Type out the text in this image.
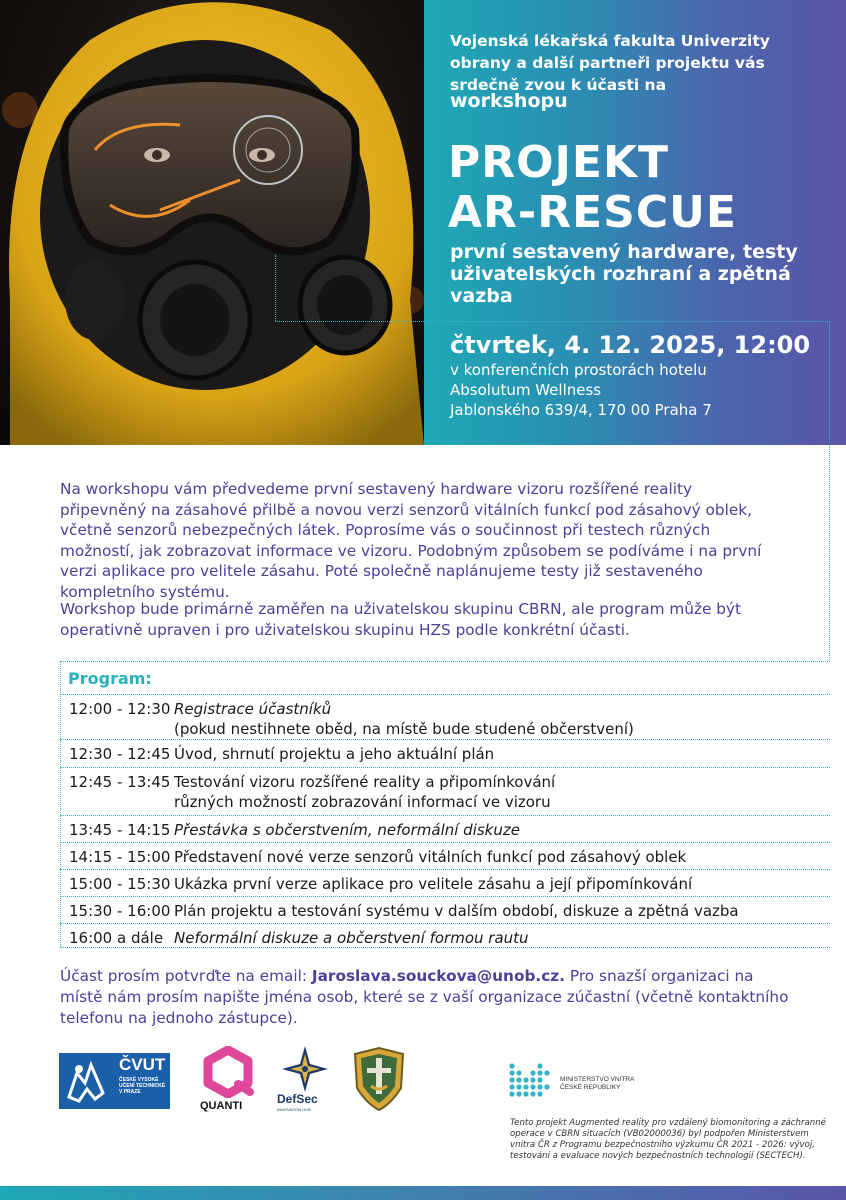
Vojenská lékařská fakulta Univerzity obrany a další partneři projektu vás srdečně zvou k účasti na
workshopu
PROJEKT
AR-RESCUE
první sestavený hardware, testy uživatelských rozhraní a zpětná vazba
čtvrtek, 4. 12. 2025, 12:00
v konferenčních prostorách hotelu
Absolutum Wellness
Jablonského 639/4, 170 00 Praha 7
Na workshopu vám předvedeme první sestavený hardware vizoru rozšířené reality připevněný na zásahové přilbě a novou verzi senzorů vitálních funkcí pod zásahový oblek, včetně senzorů nebezpečných látek. Poprosíme vás o součinnost při testech různých možností, jak zobrazovat informace ve vizoru. Podobným způsobem se podíváme i na první verzi aplikace pro velitele zásahu. Poté společně naplánujeme testy již sestaveného kompletního systému.
Workshop bude primárně zaměřen na uživatelskou skupinu CBRN, ale program může být operativně upraven i pro uživatelskou skupinu HZS podle konkrétní účasti.
Program:
12:00 - 12:30 Registrace účastníků
(pokud nestihnete oběd, na místě bude studené občerstvení)
12:30 - 12:45 Úvod, shrnutí projektu a jeho aktuální plán
12:45 - 13:45 Testování vizoru rozšířené reality a připomínkování
různých možností zobrazování informací ve vizoru
13:45 - 14:15 Přestávka s občerstvením, neformální diskuze
14:15 - 15:00 Představení nové verze senzorů vitálních funkcí pod zásahový oblek
15:00 - 15:30 Ukázka první verze aplikace pro velitele zásahu a její připomínkování
15:30 - 16:00 Plán projektu a testování systému v dalším období, diskuze a zpětná vazba
16:00 a dále Neformální diskuze a občerstvení formou rautu
Účast prosím potvrďte na email: Jaroslava.souckova@unob.cz. Pro snazší organizaci na místě nám prosím napište jména osob, které se z vaší organizace zúčastní (včetně kontaktního telefonu na jednoho zástupce).
ČVUT
ČESKÉ VYSOKÉ UČENÍ TECHNICKÉ V PRAZE
QUANTI	DefSec
INNOVATION HUB
MINISTERSTVO VNITRA
ČESKÉ REPUBLIKY
Tento projekt Augmented reality pro vzdálený biomonitoring a záchranné operace v CBRN situacích (VB02000036) byl podpořen Ministerstvem vnitra ČR z Programu bezpečnostního výzkumu ČR 2021 - 2026: vývoj, testování a evaluace nových bezpečnostních technologií (SECTECH).
